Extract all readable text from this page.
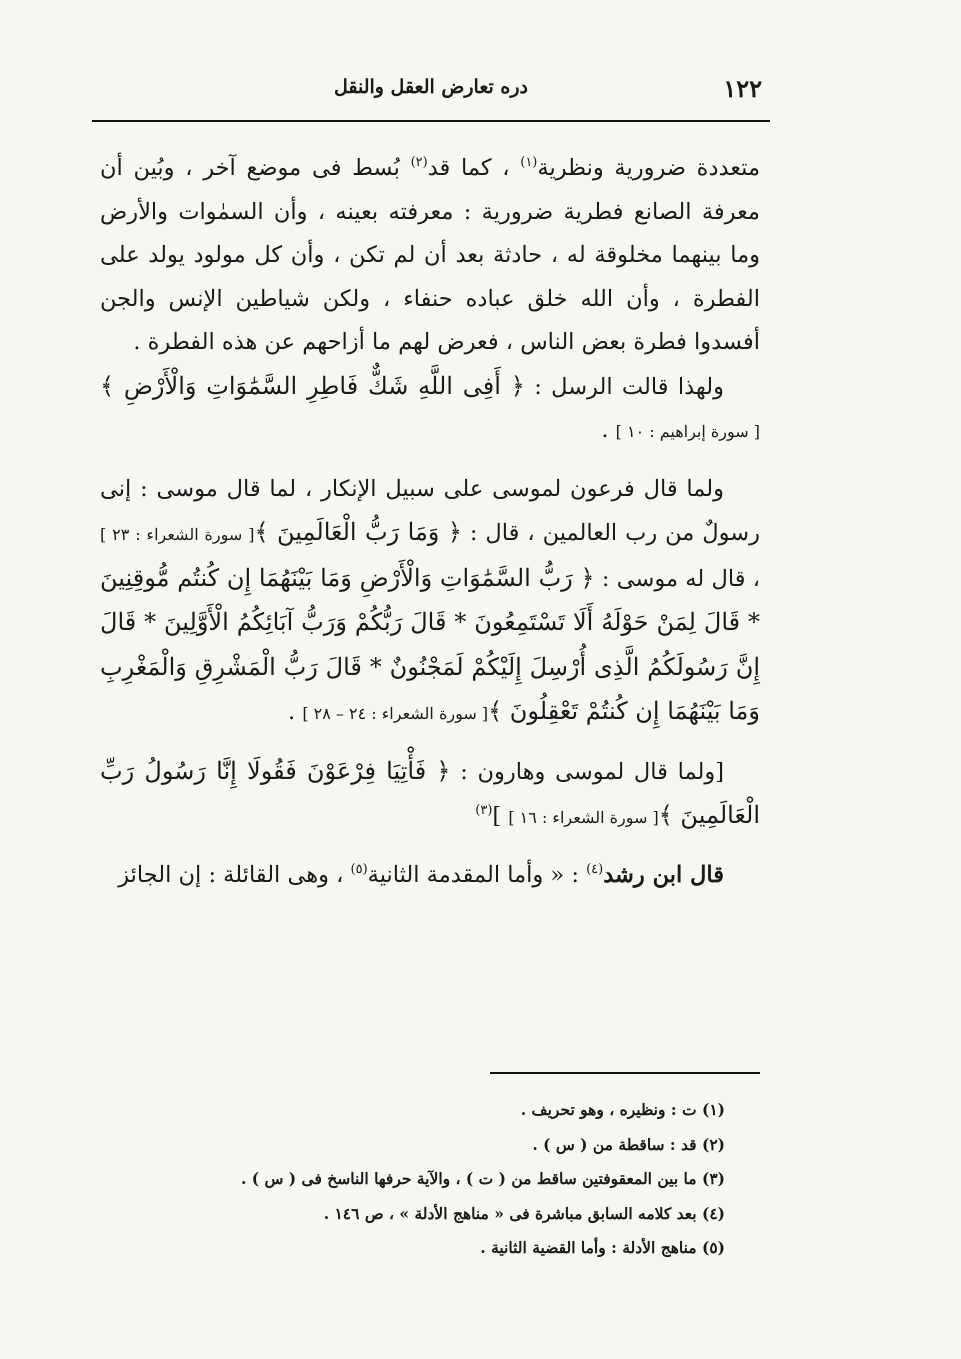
١٢٢
دره تعارض العقل والنقل

متعددة ضرورية ونظرية$^{(١)}$ ، كما قد$^{(٢)}$ بُسط فى موضع آخر ، وبُين أن معرفة الصانع فطرية ضرورية : معرفته بعينه ، وأن السمٰوات والأرض وما بينهما مخلوقة له ، حادثة بعد أن لم تكن ، وأن كل مولود يولد على الفطرة ، وأن الله خلق عباده حنفاء ، ولكن شياطين الإنس والجن أفسدوا فطرة بعض الناس ، فعرض لهم ما أزاحهم عن هذه الفطرة .

ولهذا قالت الرسل : ﴿ أَفِى اللَّهِ شَكٌّ فَاطِرِ السَّمَٰوَاتِ وَالْأَرْضِ ﴾[ سورة إبراهيم : ١٠ ] .

ولما قال فرعون لموسى على سبيل الإنكار ، لما قال موسى : إنى رسولٌ من رب العالمين ، قال : ﴿ وَمَا رَبُّ الْعَالَمِينَ ﴾[ سورة الشعراء : ٢٣ ] ، قال له موسى : ﴿ رَبُّ السَّمَٰوَاتِ وَالْأَرْضِ وَمَا بَيْنَهُمَا إِن كُنتُم مُّوقِنِينَ * قَالَ لِمَنْ حَوْلَهُ أَلَا تَسْتَمِعُونَ * قَالَ رَبُّكُمْ وَرَبُّ آبَائِكُمُ الْأَوَّلِينَ * قَالَ إِنَّ رَسُولَكُمُ الَّذِى أُرْسِلَ إِلَيْكُمْ لَمَجْنُونٌ * قَالَ رَبُّ الْمَشْرِقِ وَالْمَغْرِبِ وَمَا بَيْنَهُمَا إِن كُنتُمْ تَعْقِلُونَ ﴾[ سورة الشعراء : ٢٤ – ٢٨ ] .

[ولما قال لموسى وهارون : ﴿ فَأْتِيَا فِرْعَوْنَ فَقُولَا إِنَّا رَسُولُ رَبِّ الْعَالَمِينَ ﴾[ سورة الشعراء : ١٦ ] ]$^{(٣)}$

قال ابن رشد$^{(٤)}$ : « وأما المقدمة الثانية$^{(٥)}$ ، وهى القائلة : إن الجائز

(١) ت : ونظيره ، وهو تحريف .

(٢) قد : ساقطة من ( س ) .

(٣) ما بين المعقوفتين ساقط من ( ت ) ، والآية حرفها الناسخ فى ( س ) .

(٤) بعد كلامه السابق مباشرة فى « مناهج الأدلة » ، ص ١٤٦ .

(٥) مناهج الأدلة : وأما القضية الثانية .
